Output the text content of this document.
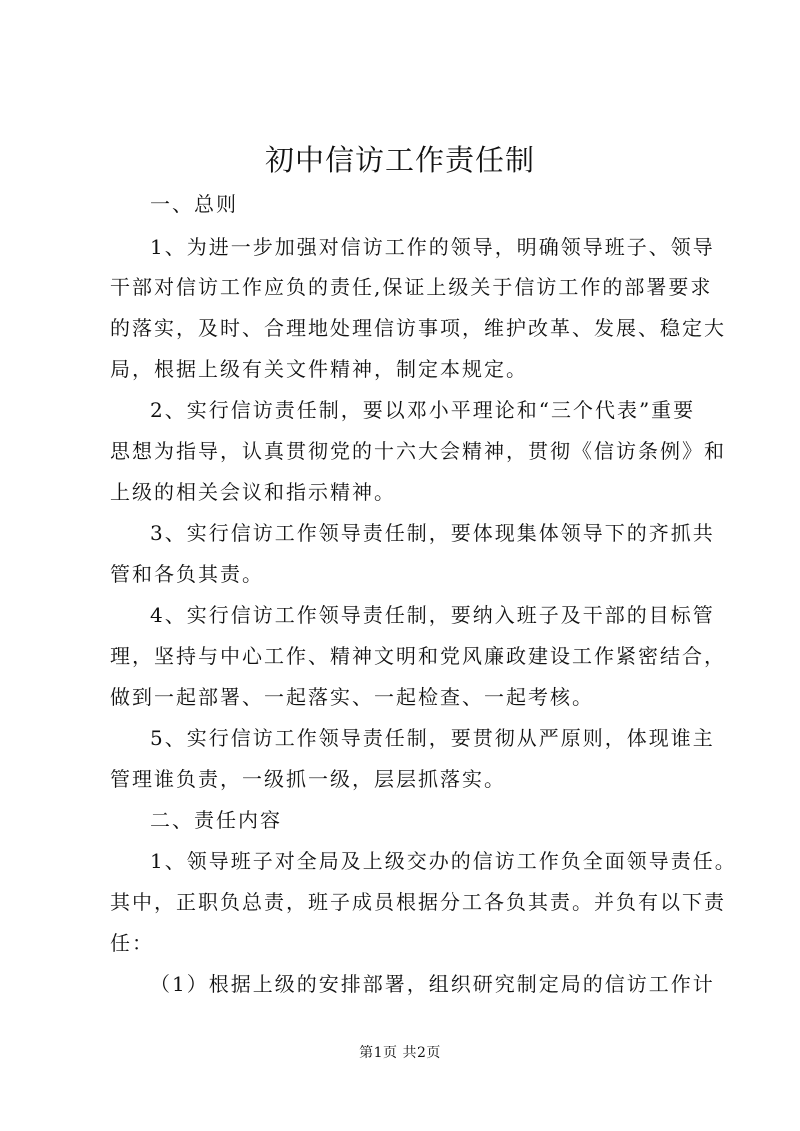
初中信访工作责任制
一、总则
1、为进一步加强对信访工作的领导，明确领导班子、领导
干部对信访工作应负的责任,保证上级关于信访工作的部署要求
的落实，及时、合理地处理信访事项，维护改革、发展、稳定大
局，根据上级有关文件精神，制定本规定。
2、实行信访责任制，要以邓小平理论和“三个代表”重要
思想为指导，认真贯彻党的十六大会精神，贯彻《信访条例》和
上级的相关会议和指示精神。
3、实行信访工作领导责任制，要体现集体领导下的齐抓共
管和各负其责。
4、实行信访工作领导责任制，要纳入班子及干部的目标管
理，坚持与中心工作、精神文明和党风廉政建设工作紧密结合，
做到一起部署、一起落实、一起检查、一起考核。
5、实行信访工作领导责任制，要贯彻从严原则，体现谁主
管理谁负责，一级抓一级，层层抓落实。
二、责任内容
1、领导班子对全局及上级交办的信访工作负全面领导责任。
其中，正职负总责，班子成员根据分工各负其责。并负有以下责
任：
（1）根据上级的安排部署，组织研究制定局的信访工作计
第1页 共2页
